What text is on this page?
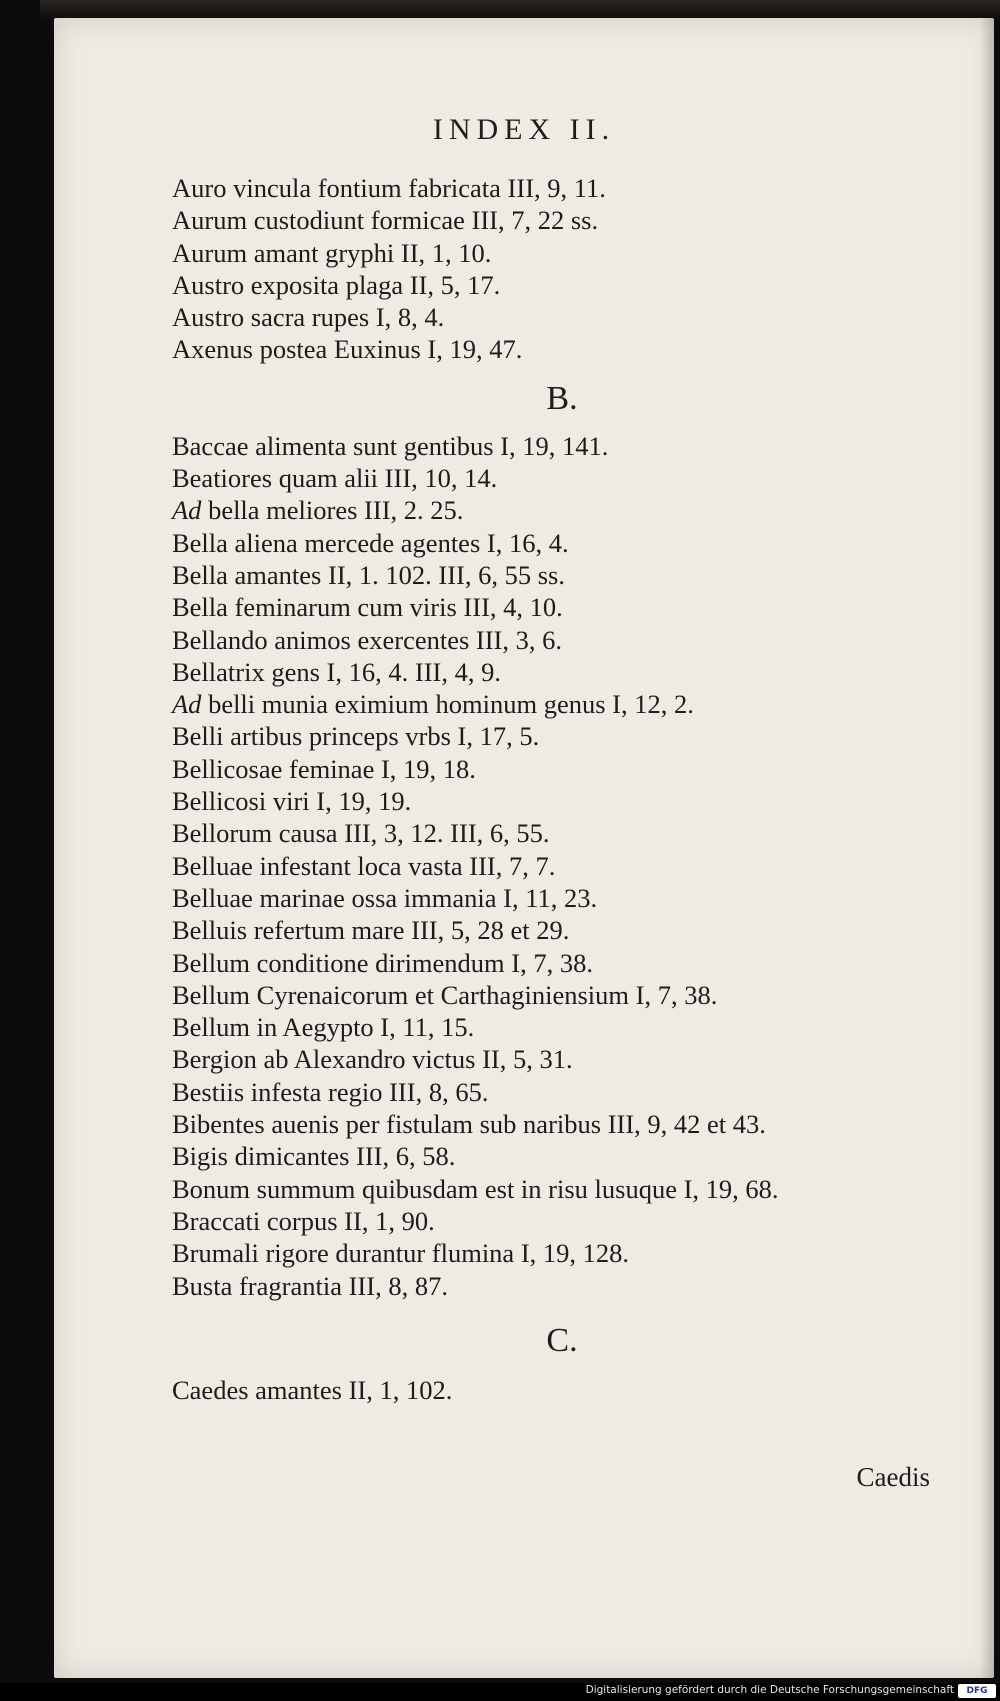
INDEX II.
Auro vincula fontium fabricata III, 9, 11.
Aurum custodiunt formicae III, 7, 22 ss.
Aurum amant gryphi II, 1, 10.
Austro exposita plaga II, 5, 17.
Austro sacra rupes I, 8, 4.
Axenus postea Euxinus I, 19, 47.
B.
Baccae alimenta sunt gentibus I, 19, 141.
Beatiores quam alii III, 10, 14.
Ad bella meliores III, 2. 25.
Bella aliena mercede agentes I, 16, 4.
Bella amantes II, 1. 102. III, 6, 55 ss.
Bella feminarum cum viris III, 4, 10.
Bellando animos exercentes III, 3, 6.
Bellatrix gens I, 16, 4. III, 4, 9.
Ad belli munia eximium hominum genus I, 12, 2.
Belli artibus princeps vrbs I, 17, 5.
Bellicosae feminae I, 19, 18.
Bellicosi viri I, 19, 19.
Bellorum causa III, 3, 12. III, 6, 55.
Belluae infestant loca vasta III, 7, 7.
Belluae marinae ossa immania I, 11, 23.
Belluis refertum mare III, 5, 28 et 29.
Bellum conditione dirimendum I, 7, 38.
Bellum Cyrenaicorum et Carthaginiensium I, 7, 38.
Bellum in Aegypto I, 11, 15.
Bergion ab Alexandro victus II, 5, 31.
Bestiis infesta regio III, 8, 65.
Bibentes auenis per fistulam sub naribus III, 9, 42 et 43.
Bigis dimicantes III, 6, 58.
Bonum summum quibusdam est in risu lusuque I, 19, 68.
Braccati corpus II, 1, 90.
Brumali rigore durantur flumina I, 19, 128.
Busta fragrantia III, 8, 87.
C.
Caedes amantes II, 1, 102.
Caedis
Digitalisierung gefördert durch die Deutsche Forschungsgemeinschaft	DFG
